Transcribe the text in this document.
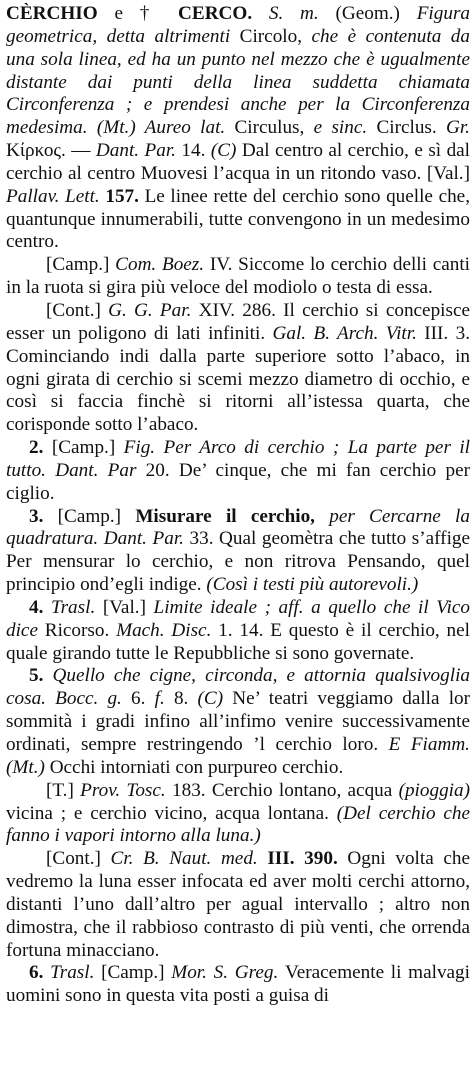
CÈRCHIO e † CERCO. S. m. (Geom.) Figura geometrica, detta altrimenti Circolo, che è contenuta da una sola linea, ed ha un punto nel mezzo che è ugualmente distante dai punti della linea suddetta chiamata Circonferenza ; e prendesi anche per la Circonferenza medesima. (Mt.) Aureo lat. Circulus, e sinc. Circlus. Gr. Κίρκος. — Dant. Par. 14. (C) Dal centro al cerchio, e sì dal cerchio al centro Muovesi l’acqua in un ritondo vaso. [Val.] Pallav. Lett. 157. Le linee rette del cerchio sono quelle che, quantunque innumerabili, tutte convengono in un medesimo centro.

[Camp.] Com. Boez. IV. Siccome lo cerchio delli canti in la ruota si gira più veloce del modiolo o testa di essa.

[Cont.] G. G. Par. XIV. 286. Il cerchio si concepisce esser un poligono di lati infiniti. Gal. B. Arch. Vitr. III. 3. Cominciando indi dalla parte superiore sotto l’abaco, in ogni girata di cerchio si scemi mezzo diametro di occhio, e così si faccia finchè si ritorni all’istessa quarta, che corisponde sotto l’abaco.

2. [Camp.] Fig. Per Arco di cerchio ; La parte per il tutto. Dant. Par 20. De’ cinque, che mi fan cerchio per ciglio.

3. [Camp.] Misurare il cerchio, per Cercarne la quadratura. Dant. Par. 33. Qual geomètra che tutto s’affige Per mensurar lo cerchio, e non ritrova Pensando, quel principio ond’egli indige. (Così i testi più autorevoli.)

4. Trasl. [Val.] Limite ideale ; aff. a quello che il Vico dice Ricorso. Mach. Disc. 1. 14. E questo è il cerchio, nel quale girando tutte le Repubbliche si sono governate.

5. Quello che cigne, circonda, e attornia qualsivoglia cosa. Bocc. g. 6. f. 8. (C) Ne’ teatri veggiamo dalla lor sommità i gradi infino all’infimo venire successivamente ordinati, sempre restringendo ’l cerchio loro. E Fiamm. (Mt.) Occhi intorniati con purpureo cerchio.

[T.] Prov. Tosc. 183. Cerchio lontano, acqua (pioggia) vicina ; e cerchio vicino, acqua lontana. (Del cerchio che fanno i vapori intorno alla luna.)

[Cont.] Cr. B. Naut. med. III. 390. Ogni volta che vedremo la luna esser infocata ed aver molti cerchi attorno, distanti l’uno dall’altro per agual intervallo ; altro non dimostra, che il rabbioso contrasto di più venti, che orrenda fortuna minacciano.

6. Trasl. [Camp.] Mor. S. Greg. Veracemente li malvagi uomini sono in questa vita posti a guisa di
